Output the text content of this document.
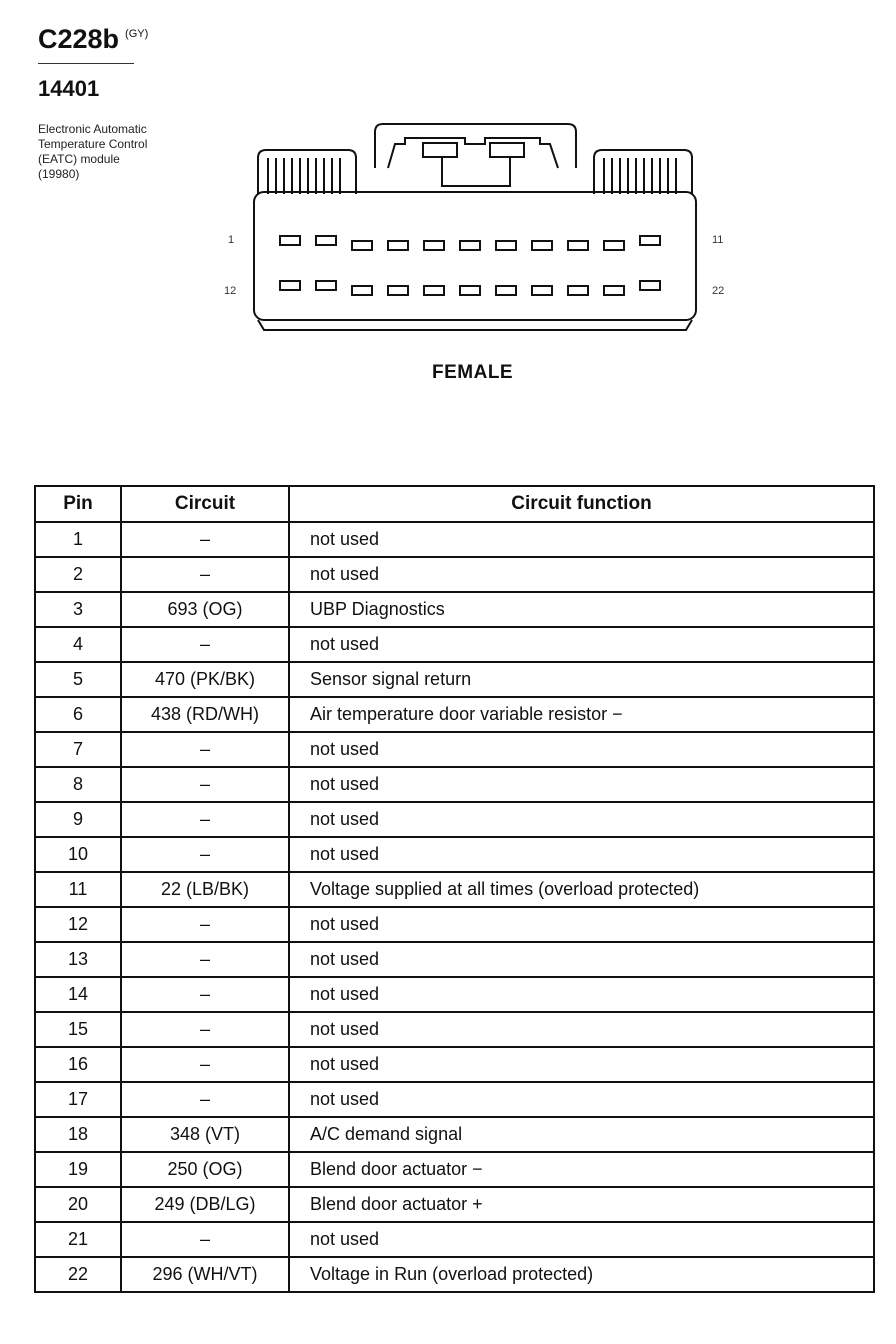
C228b $^{(GY)}$
14401
Electronic Automatic
Temperature Control
(EATC) module
(19980)
1	11
12	22
FEMALE
Pin	Circuit	Circuit function
1	–	not used
2	–	not used
3	693 (OG)	UBP Diagnostics
4	–	not used
5	470 (PK/BK)	Sensor signal return
6	438 (RD/WH)	Air temperature door variable resistor −
7	–	not used
8	–	not used
9	–	not used
10	–	not used
11	22 (LB/BK)	Voltage supplied at all times (overload protected)
12	–	not used
13	–	not used
14	–	not used
15	–	not used
16	–	not used
17	–	not used
18	348 (VT)	A/C demand signal
19	250 (OG)	Blend door actuator −
20	249 (DB/LG)	Blend door actuator +
21	–	not used
22	296 (WH/VT)	Voltage in Run (overload protected)
